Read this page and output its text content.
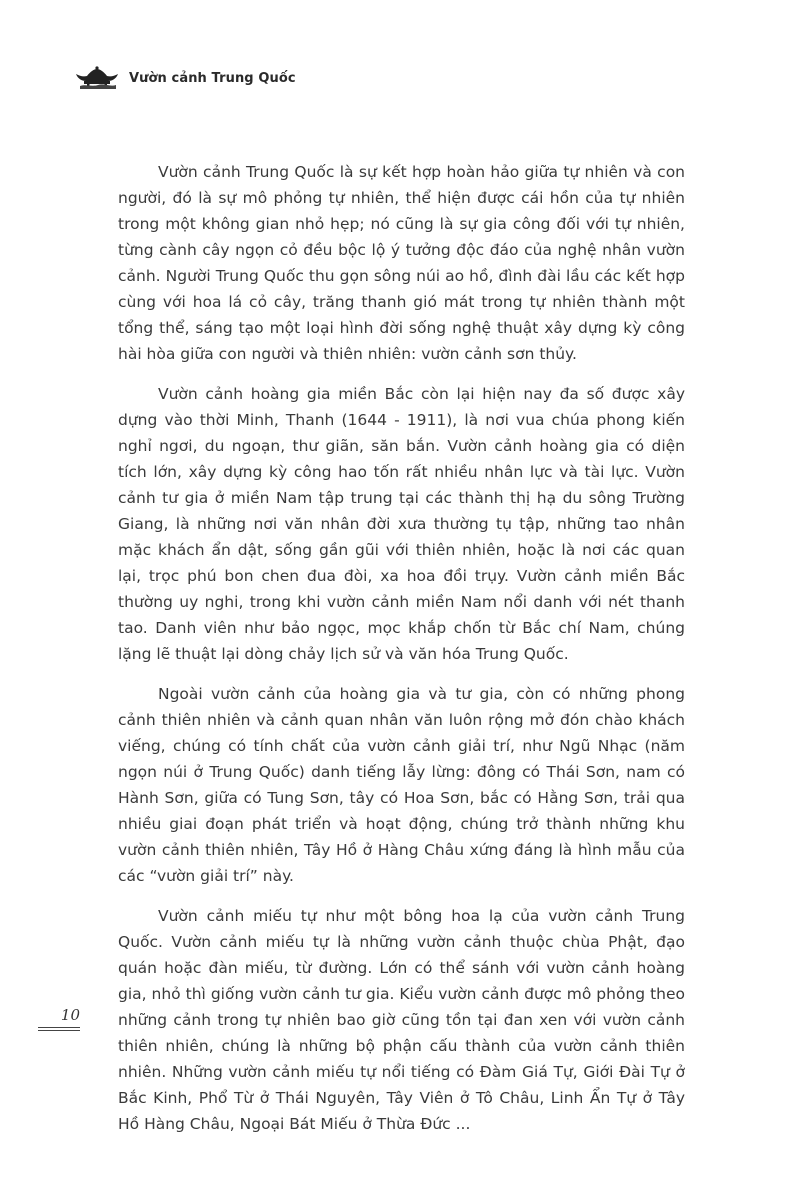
Vườn cảnh Trung Quốc

Vườn cảnh Trung Quốc là sự kết hợp hoàn hảo giữa tự nhiên và con người, đó là sự mô phỏng tự nhiên, thể hiện được cái hồn của tự nhiên trong một không gian nhỏ hẹp; nó cũng là sự gia công đối với tự nhiên, từng cành cây ngọn cỏ đều bộc lộ ý tưởng độc đáo của nghệ nhân vườn cảnh. Người Trung Quốc thu gọn sông núi ao hồ, đình đài lầu các kết hợp cùng với hoa lá cỏ cây, trăng thanh gió mát trong tự nhiên thành một tổng thể, sáng tạo một loại hình đời sống nghệ thuật xây dựng kỳ công hài hòa giữa con người và thiên nhiên: vườn cảnh sơn thủy.

Vườn cảnh hoàng gia miền Bắc còn lại hiện nay đa số được xây dựng vào thời Minh, Thanh (1644 - 1911), là nơi vua chúa phong kiến nghỉ ngơi, du ngoạn, thư giãn, săn bắn. Vườn cảnh hoàng gia có diện tích lớn, xây dựng kỳ công hao tốn rất nhiều nhân lực và tài lực. Vườn cảnh tư gia ở miền Nam tập trung tại các thành thị hạ du sông Trường Giang, là những nơi văn nhân đời xưa thường tụ tập, những tao nhân mặc khách ẩn dật, sống gần gũi với thiên nhiên, hoặc là nơi các quan lại, trọc phú bon chen đua đòi, xa hoa đồi trụy. Vườn cảnh miền Bắc thường uy nghi, trong khi vườn cảnh miền Nam nổi danh với nét thanh tao. Danh viên như bảo ngọc, mọc khắp chốn từ Bắc chí Nam, chúng lặng lẽ thuật lại dòng chảy lịch sử và văn hóa Trung Quốc.

Ngoài vườn cảnh của hoàng gia và tư gia, còn có những phong cảnh thiên nhiên và cảnh quan nhân văn luôn rộng mở đón chào khách viếng, chúng có tính chất của vườn cảnh giải trí, như Ngũ Nhạc (năm ngọn núi ở Trung Quốc) danh tiếng lẫy lừng: đông có Thái Sơn, nam có Hành Sơn, giữa có Tung Sơn, tây có Hoa Sơn, bắc có Hằng Sơn, trải qua nhiều giai đoạn phát triển và hoạt động, chúng trở thành những khu vườn cảnh thiên nhiên, Tây Hồ ở Hàng Châu xứng đáng là hình mẫu của các “vườn giải trí” này.

Vườn cảnh miếu tự như một bông hoa lạ của vườn cảnh Trung Quốc. Vườn cảnh miếu tự là những vườn cảnh thuộc chùa Phật, đạo quán hoặc đàn miếu, từ đường. Lớn có thể sánh với vườn cảnh hoàng gia, nhỏ thì giống vườn cảnh tư gia. Kiểu vườn cảnh được mô phỏng theo những cảnh trong tự nhiên bao giờ cũng tồn tại đan xen với vườn cảnh thiên nhiên, chúng là những bộ phận cấu thành của vườn cảnh thiên nhiên. Những vườn cảnh miếu tự nổi tiếng có Đàm Giá Tự, Giới Đài Tự ở Bắc Kinh, Phổ Từ ở Thái Nguyên, Tây Viên ở Tô Châu, Linh Ẩn Tự ở Tây Hồ Hàng Châu, Ngoại Bát Miếu ở Thừa Đức ...

10
